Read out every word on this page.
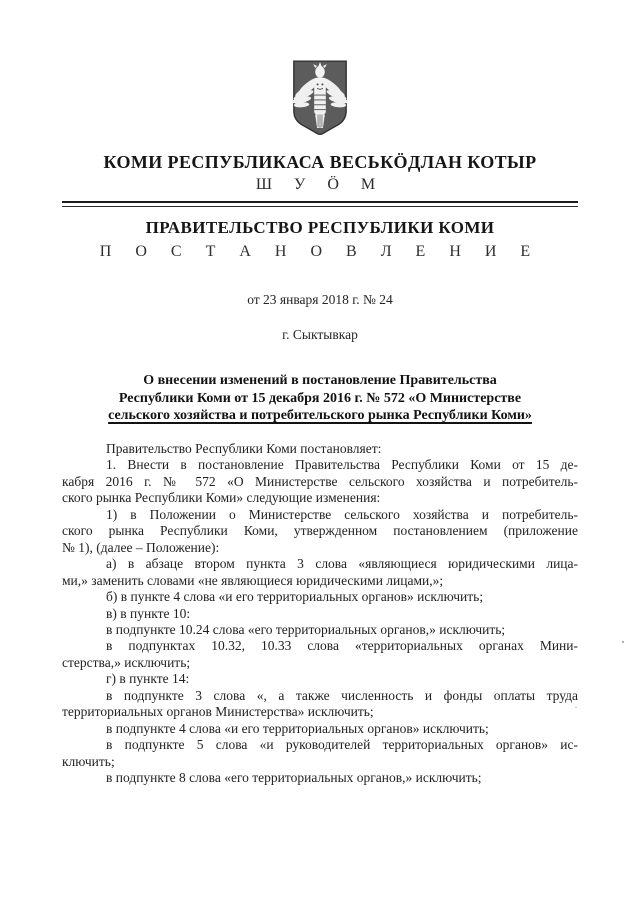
КОМИ РЕСПУБЛИКАСА ВЕСЬКÖДЛАН КОТЫР
Ш У Ö М
ПРАВИТЕЛЬСТВО РЕСПУБЛИКИ КОМИ
П О С Т А Н О В Л Е Н И Е
от 23 января 2018 г. № 24
г. Сыктывкар
О внесении изменений в постановление Правительства
Республики Коми от 15 декабря 2016 г. № 572 «О Министерстве
сельского хозяйства и потребительского рынка Республики Коми»
Правительство Республики Коми постановляет:
1. Внести в постановление Правительства Республики Коми от 15 де-
кабря 2016 г. № 572 «О Министерстве сельского хозяйства и потребитель-
ского рынка Республики Коми» следующие изменения:
1) в Положении о Министерстве сельского хозяйства и потребитель-
ского рынка Республики Коми, утвержденном постановлением (приложение
№ 1), (далее – Положение):
а) в абзаце втором пункта 3 слова «являющиеся юридическими лица-
ми,» заменить словами «не являющиеся юридическими лицами,»;
б) в пункте 4 слова «и его территориальных органов» исключить;
в) в пункте 10:
в подпункте 10.24 слова «его территориальных органов,» исключить;
в подпунктах 10.32, 10.33 слова «территориальных органах Мини-
стерства,» исключить;
г) в пункте 14:
в подпункте 3 слова «, а также численность и фонды оплаты труда
территориальных органов Министерства» исключить;
в подпункте 4 слова «и его территориальных органов» исключить;
в подпункте 5 слова «и руководителей территориальных органов» ис-
ключить;
в подпункте 8 слова «его территориальных органов,» исключить;
